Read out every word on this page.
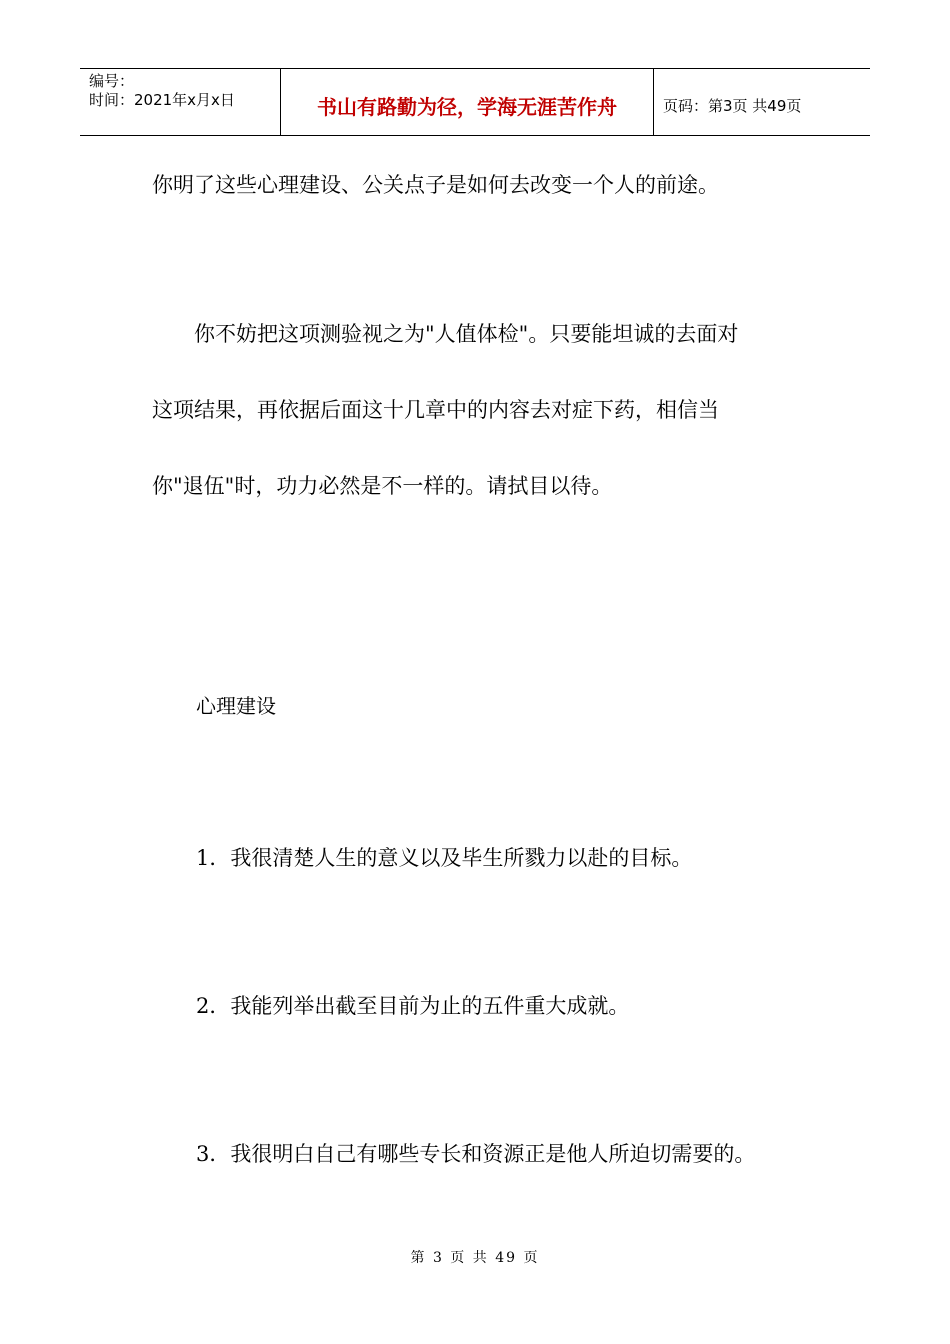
编号：
时间：2021年x月x日	书山有路勤为径，学海无涯苦作舟	页码：第3页 共49页
你明了这些心理建设、公关点子是如何去改变一个人的前途。
你不妨把这项测验视之为"人值体检"。只要能坦诚的去面对
这项结果，再依据后面这十几章中的内容去对症下药，相信当
你"退伍"时，功力必然是不一样的。请拭目以待。
心理建设
1．我很清楚人生的意义以及毕生所戮力以赴的目标。
2．我能列举出截至目前为止的五件重大成就。
3．我很明白自己有哪些专长和资源正是他人所迫切需要的。
第 3 页 共 49 页
